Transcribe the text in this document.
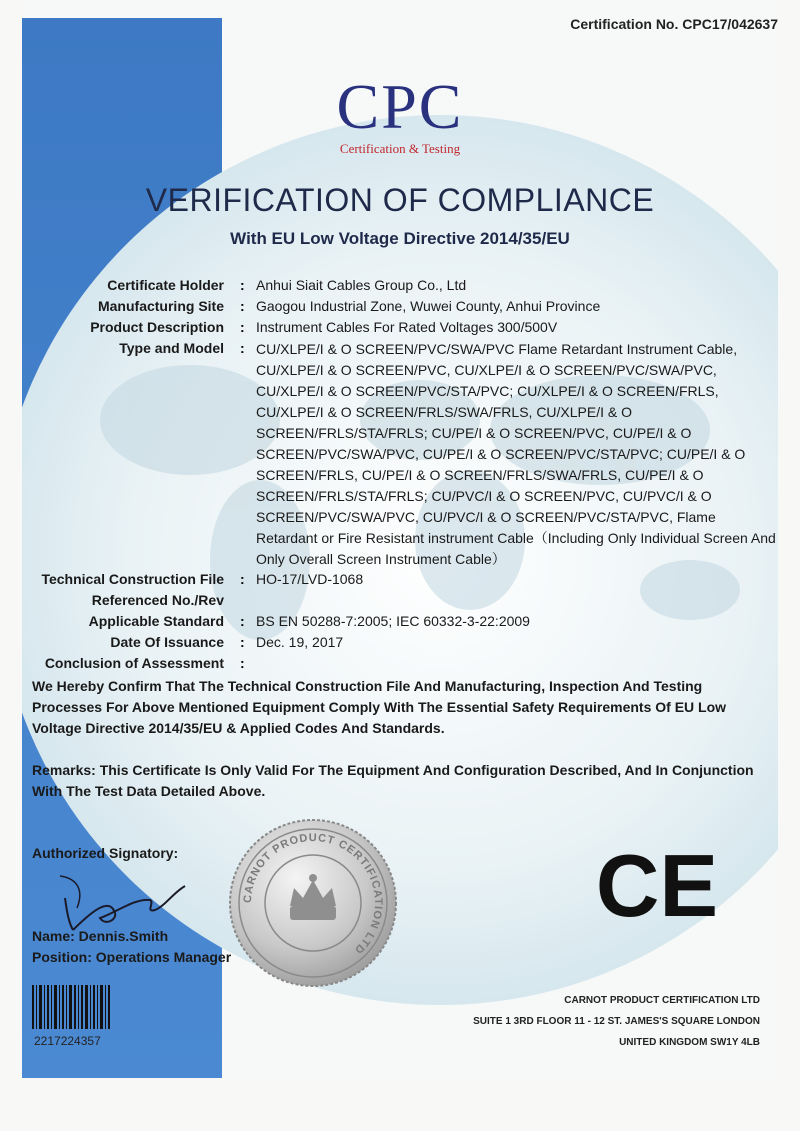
Certification No. CPC17/042637
CPC
Certification & Testing
VERIFICATION OF COMPLIANCE
With EU Low Voltage Directive 2014/35/EU
Certificate Holder : Anhui Siait Cables Group Co., Ltd
Manufacturing Site : Gaogou Industrial Zone, Wuwei County, Anhui Province
Product Description : Instrument Cables For Rated Voltages 300/500V
Type and Model : CU/XLPE/I & O SCREEN/PVC/SWA/PVC Flame Retardant Instrument Cable, CU/XLPE/I & O SCREEN/PVC, CU/XLPE/I & O SCREEN/PVC/SWA/PVC, CU/XLPE/I & O SCREEN/PVC/STA/PVC; CU/XLPE/I & O SCREEN/FRLS, CU/XLPE/I & O SCREEN/FRLS/SWA/FRLS, CU/XLPE/I & O SCREEN/FRLS/STA/FRLS; CU/PE/I & O SCREEN/PVC, CU/PE/I & O SCREEN/PVC/SWA/PVC, CU/PE/I & O SCREEN/PVC/STA/PVC; CU/PE/I & O SCREEN/FRLS, CU/PE/I & O SCREEN/FRLS/SWA/FRLS, CU/PE/I & O SCREEN/FRLS/STA/FRLS; CU/PVC/I & O SCREEN/PVC, CU/PVC/I & O SCREEN/PVC/SWA/PVC, CU/PVC/I & O SCREEN/PVC/STA/PVC, Flame Retardant or Fire Resistant instrument Cable（Including Only Individual Screen And Only Overall Screen Instrument Cable）
Technical Construction File : HO-17/LVD-1068
Referenced No./Rev
Applicable Standard : BS EN 50288-7:2005; IEC 60332-3-22:2009
Date Of Issuance : Dec. 19, 2017
Conclusion of Assessment :
We Hereby Confirm That The Technical Construction File And Manufacturing, Inspection And Testing Processes For Above Mentioned Equipment Comply With The Essential Safety Requirements Of EU Low Voltage Directive 2014/35/EU & Applied Codes And Standards.
Remarks: This Certificate Is Only Valid For The Equipment And Configuration Described, And In Conjunction With The Test Data Detailed Above.
Authorized Signatory:
Name: Dennis.Smith
Position: Operations Manager
CARNOT PRODUCT CERTIFICATION LTD
CE
2217224357
CARNOT PRODUCT CERTIFICATION LTD
SUITE 1 3RD FLOOR 11 - 12 ST. JAMES'S SQUARE LONDON
UNITED KINGDOM SW1Y 4LB
